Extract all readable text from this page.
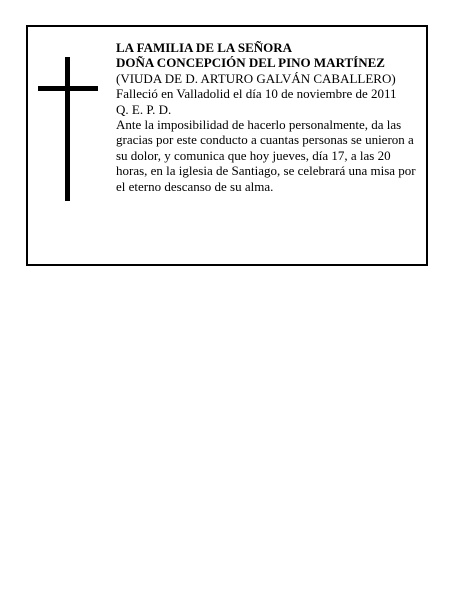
LA FAMILIA DE LA SEÑORA
DOÑA CONCEPCIÓN DEL PINO MARTÍNEZ
(VIUDA DE D. ARTURO GALVÁN CABALLERO)
Falleció en Valladolid el día 10 de noviembre de 2011
Q. E. P. D.
Ante la imposibilidad de hacerlo personalmente, da las gracias por este conducto a cuantas personas se unieron a su dolor, y comunica que hoy jueves, día 17, a las 20 horas, en la iglesia de Santiago, se celebrará una misa por el eterno descanso de su alma.
